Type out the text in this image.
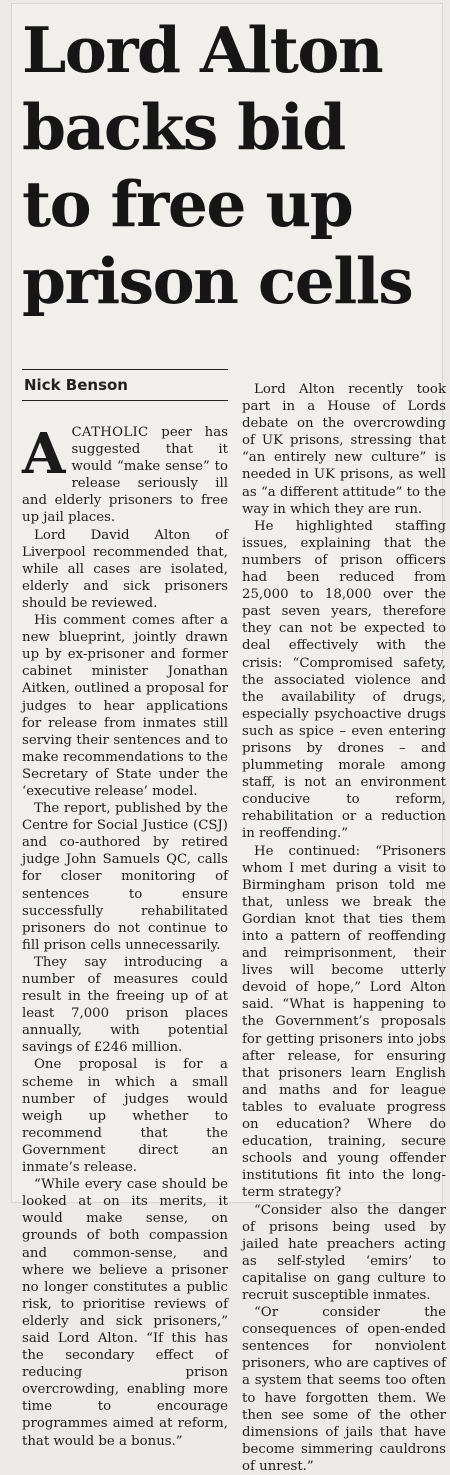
Lord Alton
backs bid
to free up
prison cells
Nick Benson

ACATHOLIC peer has suggested that it would “make sense” to release seriously ill and elderly prisoners to free up jail places.

Lord David Alton of Liverpool recommended that, while all cases are isolated, elderly and sick prisoners should be reviewed.

His comment comes after a new blueprint, jointly drawn up by ex-prisoner and former cabinet minister Jonathan Aitken, outlined a proposal for judges to hear applications for release from inmates still serving their sentences and to make recommendations to the Secretary of State under the ‘executive release’ model.

The report, published by the Centre for Social Justice (CSJ) and co-authored by retired judge John Samuels QC, calls for closer monitoring of sentences to ensure successfully rehabilitated prisoners do not continue to fill prison cells unnecessarily.

They say introducing a number of measures could result in the freeing up of at least 7,000 prison places annually, with potential savings of £246 million.

One proposal is for a scheme in which a small number of judges would weigh up whether to recommend that the Government direct an inmate’s release.

“While every case should be looked at on its merits, it would make sense, on grounds of both compassion and common-sense, and where we believe a prisoner no longer constitutes a public risk, to prioritise reviews of elderly and sick prisoners,” said Lord Alton. “If this has the secondary effect of reducing prison overcrowding, enabling more time to encourage programmes aimed at reform, that would be a bonus.”

Lord Alton recently took part in a House of Lords debate on the overcrowding of UK prisons, stressing that “an entirely new culture” is needed in UK prisons, as well as “a different attitude” to the way in which they are run.

He highlighted staffing issues, explaining that the numbers of prison officers had been reduced from 25,000 to 18,000 over the past seven years, therefore they can not be expected to deal effectively with the crisis: “Compromised safety, the associated violence and the availability of drugs, especially psychoactive drugs such as spice – even entering prisons by drones – and plummeting morale among staff, is not an environment conducive to reform, rehabilitation or a reduction in reoffending.”

He continued: “Prisoners whom I met during a visit to Birmingham prison told me that, unless we break the Gordian knot that ties them into a pattern of reoffending and reimprisonment, their lives will become utterly devoid of hope,” Lord Alton said. “What is happening to the Government’s proposals for getting prisoners into jobs after release, for ensuring that prisoners learn English and maths and for league tables to evaluate progress on education? Where do education, training, secure schools and young offender institutions fit into the long-term strategy?

“Consider also the danger of prisons being used by jailed hate preachers acting as self-styled ‘emirs’ to capitalise on gang culture to recruit susceptible inmates.

“Or consider the consequences of open-ended sentences for nonviolent prisoners, who are captives of a system that seems too often to have forgotten them. We then see some of the other dimensions of jails that have become simmering cauldrons of unrest.”
